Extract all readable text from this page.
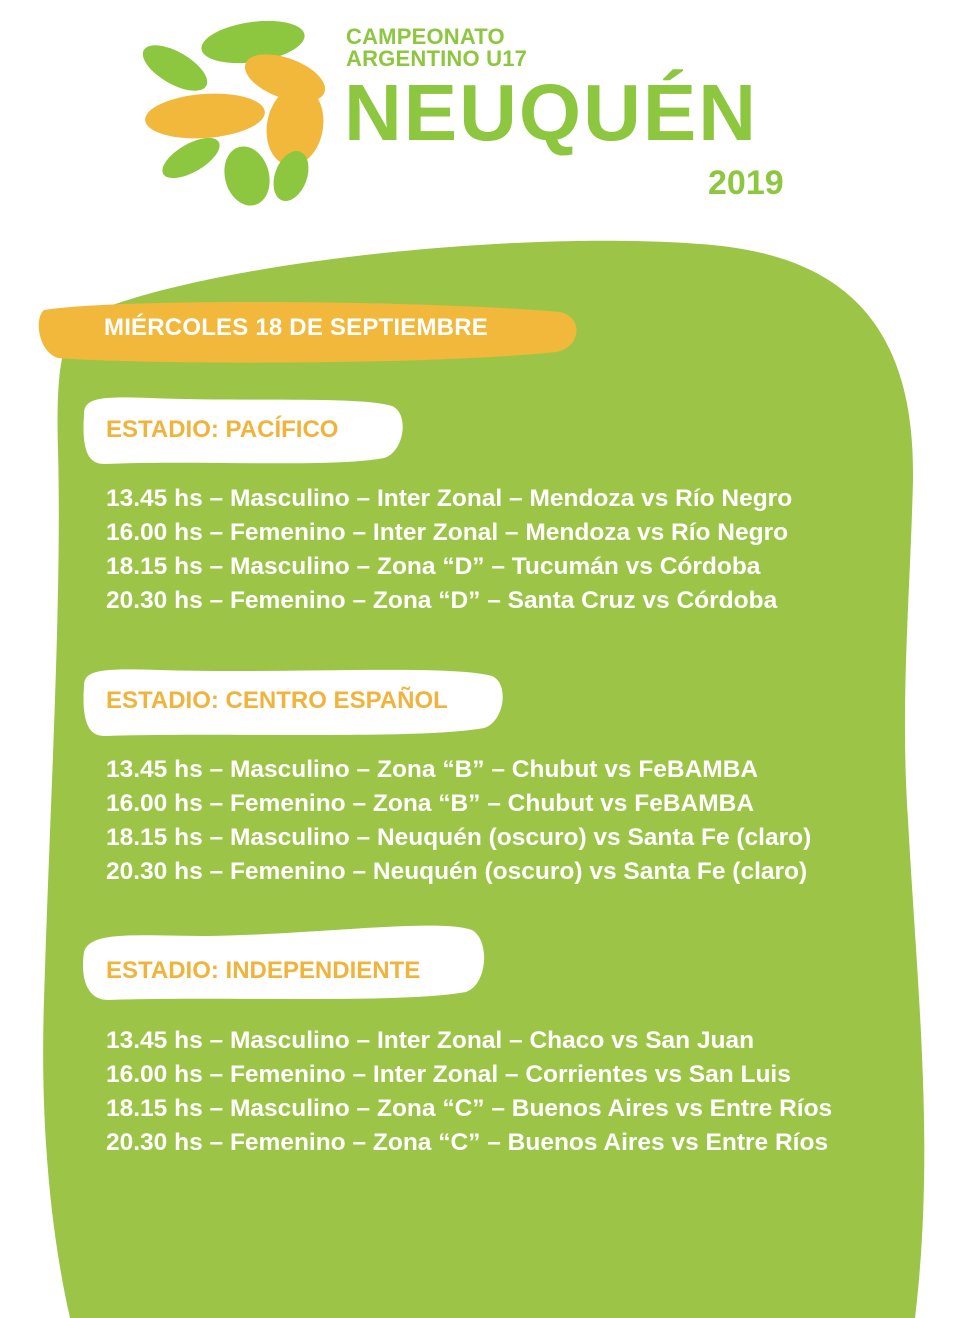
CAMPEONATO
ARGENTINO U17
NEUQUÉN
2019
MIÉRCOLES 18 DE SEPTIEMBRE
ESTADIO: PACÍFICO
13.45 hs – Masculino – Inter Zonal – Mendoza vs Río Negro
16.00 hs – Femenino – Inter Zonal – Mendoza vs Río Negro
18.15 hs – Masculino – Zona “D” – Tucumán vs Córdoba
20.30 hs – Femenino – Zona “D” – Santa Cruz vs Córdoba
ESTADIO: CENTRO ESPAÑOL
13.45 hs – Masculino – Zona “B” – Chubut vs FeBAMBA
16.00 hs – Femenino – Zona “B” – Chubut vs FeBAMBA
18.15 hs – Masculino – Neuquén (oscuro) vs Santa Fe (claro)
20.30 hs – Femenino – Neuquén (oscuro) vs Santa Fe (claro)
ESTADIO: INDEPENDIENTE
13.45 hs – Masculino – Inter Zonal – Chaco vs San Juan
16.00 hs – Femenino – Inter Zonal – Corrientes vs San Luis
18.15 hs – Masculino – Zona “C” – Buenos Aires vs Entre Ríos
20.30 hs – Femenino – Zona “C” – Buenos Aires vs Entre Ríos
